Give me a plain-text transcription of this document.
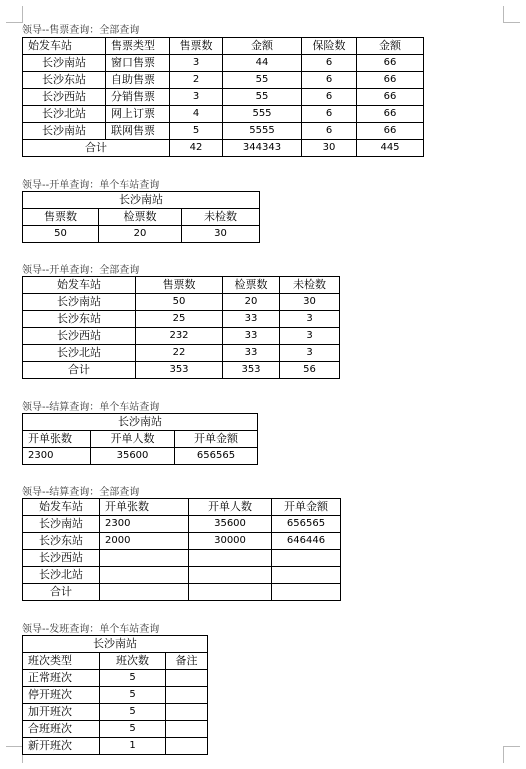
领导--售票查询：全部查询
始发车站	售票类型	售票数	金额	保险数	金额
长沙南站	窗口售票	3	44	6	66
长沙东站	自助售票	2	55	6	66
长沙西站	分销售票	3	55	6	66
长沙北站	网上订票	4	555	6	66
长沙南站	联网售票	5	5555	6	66
合计		42	344343	30	445
领导--开单查询：单个车站查询
长沙南站		
售票数	检票数	未检数
50	20	30
领导--开单查询：全部查询
始发车站	售票数	检票数	未检数
长沙南站	50	20	30
长沙东站	25	33	3
长沙西站	232	33	3
长沙北站	22	33	3
合计	353	353	56
领导--结算查询：单个车站查询
长沙南站		
开单张数	开单人数	开单金额
2300	35600	656565
领导--结算查询：全部查询
始发车站	开单张数	开单人数	开单金额
长沙南站	2300	35600	656565
长沙东站	2000	30000	646446
长沙西站			
长沙北站			
合计			
领导--发班查询：单个车站查询
长沙南站		
班次类型	班次数	备注
正常班次	5	
停开班次	5	
加开班次	5	
合班班次	5	
新开班次	1	
